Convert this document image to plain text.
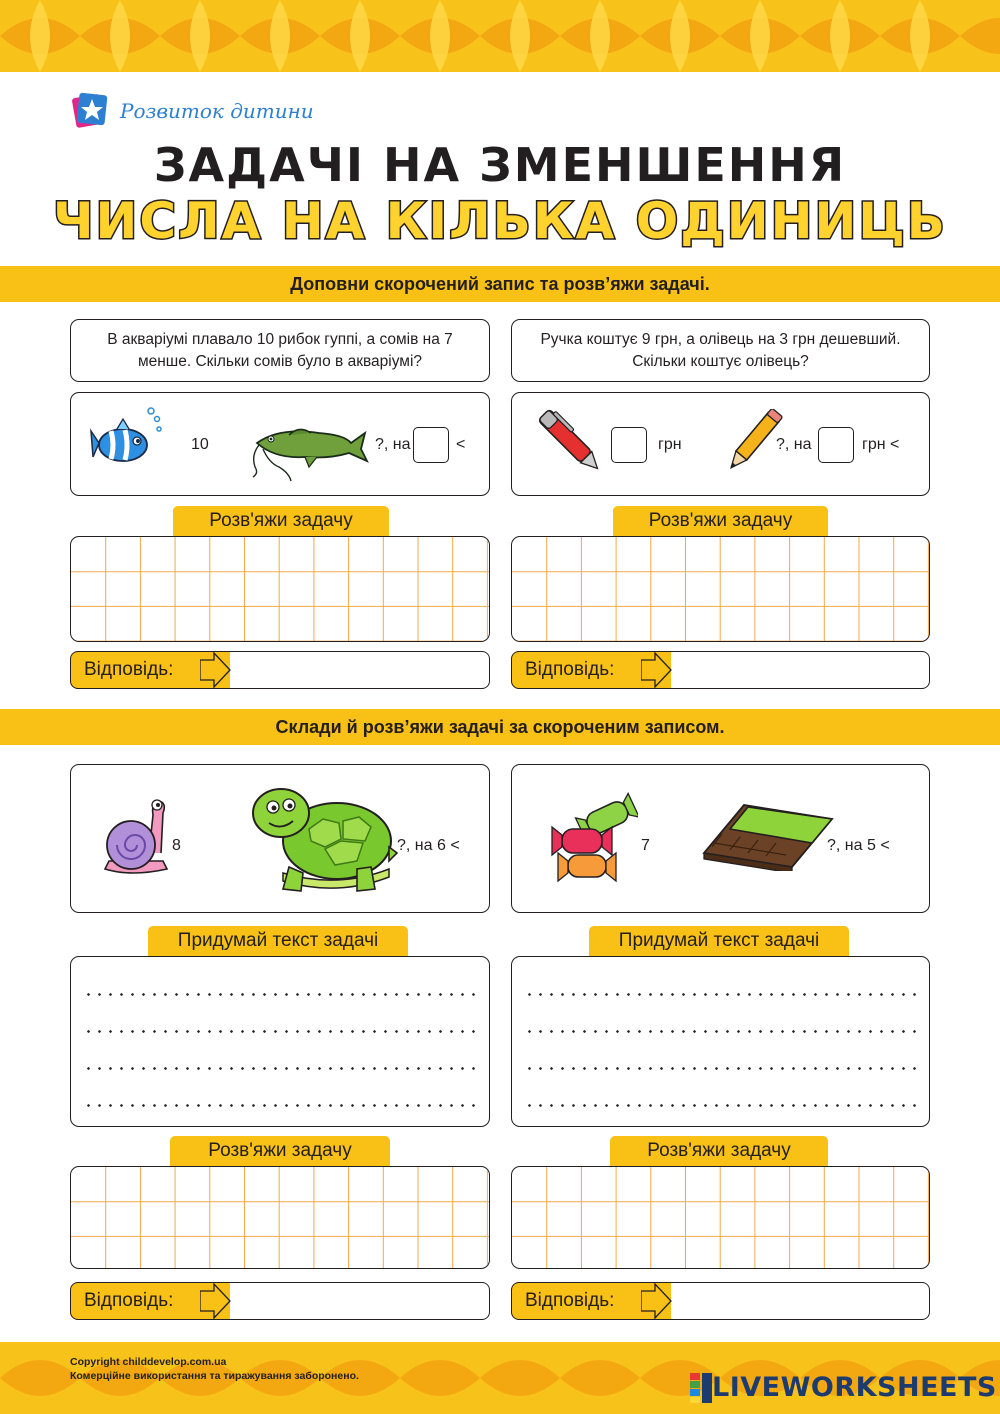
Розвиток дитини
ЗАДАЧІ НА ЗМЕНШЕННЯ
ЧИСЛА НА КІЛЬКА ОДИНИЦЬ
Доповни скорочений запис та розв’яжи задачі.
В акваріумі плавало 10 рибок гуппі, а сомів на 7 менше. Скільки сомів було в акваріумі?
10	?, на	<
Розв'яжи задачу
Відповідь:
Ручка коштує 9 грн, а олівець на 3 грн дешевший. Скільки коштує олівець?
грн	?, на	грн <
Розв'яжи задачу
Відповідь:
Склади й розв’яжи задачі за скороченим записом.
8	?, на 6 <
Придумай текст задачі
Розв'яжи задачу
Відповідь:
7	?, на 5 <
Придумай текст задачі
Розв'яжи задачу
Відповідь:
Copyright childdevelop.com.ua
Комерційне використання та тиражування заборонено.	LIVEWORKSHEETS
